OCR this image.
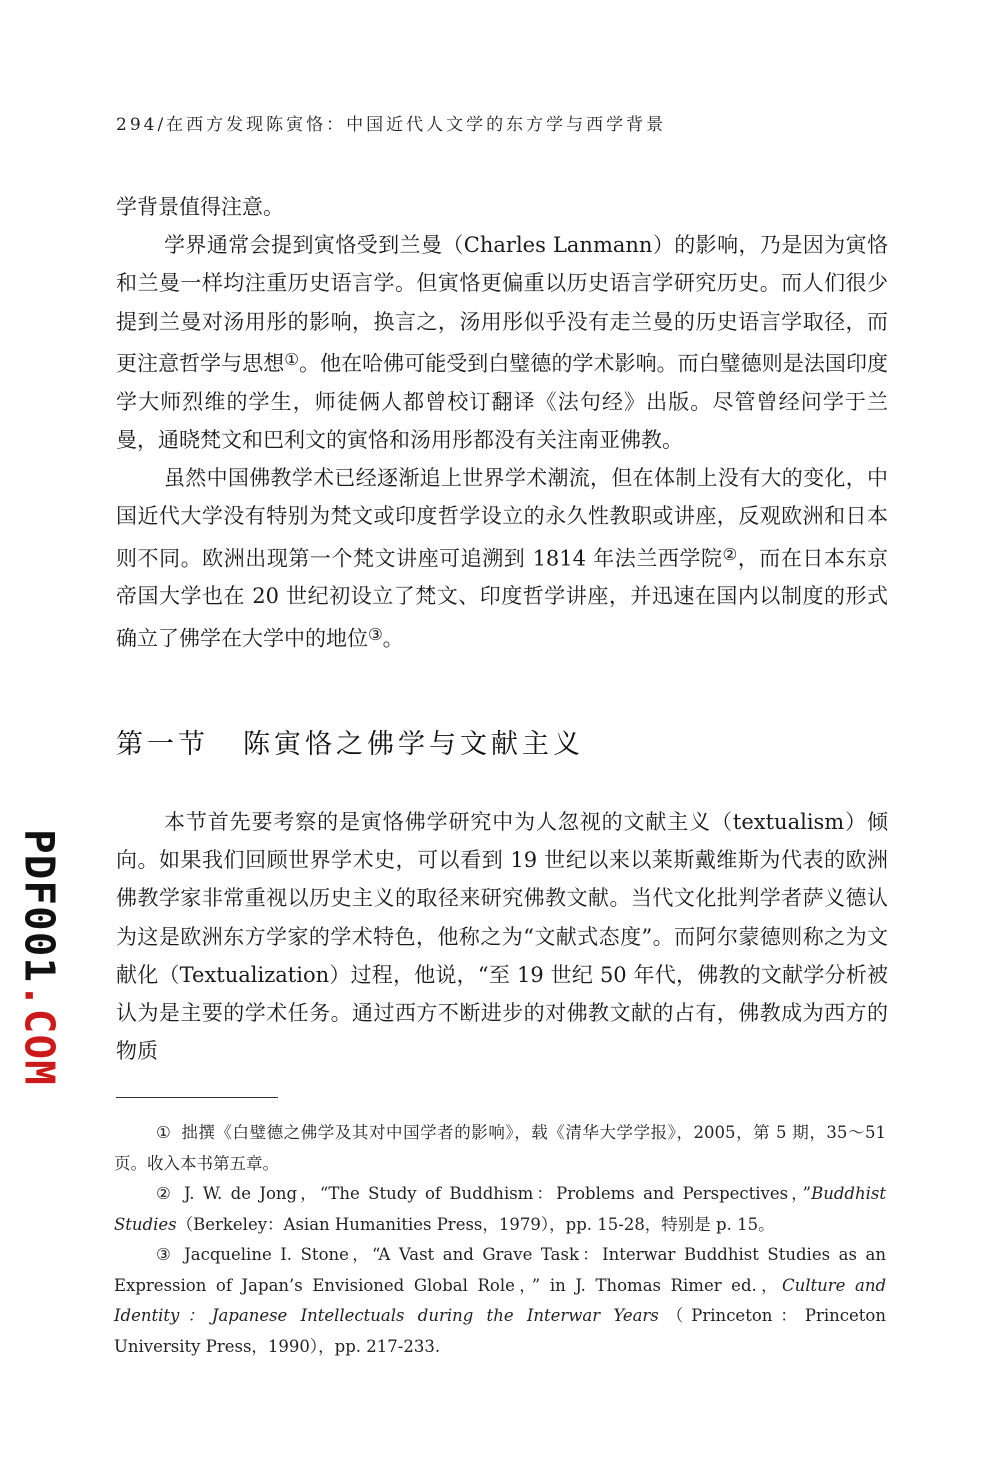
294/在西方发现陈寅恪：中国近代人文学的东方学与西学背景

学背景值得注意。

学界通常会提到寅恪受到兰曼（Charles Lanmann）的影响，乃是因为寅恪和兰曼一样均注重历史语言学。但寅恪更偏重以历史语言学研究历史。而人们很少提到兰曼对汤用彤的影响，换言之，汤用彤似乎没有走兰曼的历史语言学取径，而更注意哲学与思想①。他在哈佛可能受到白璧德的学术影响。而白璧德则是法国印度学大师烈维的学生，师徒俩人都曾校订翻译《法句经》出版。尽管曾经问学于兰曼，通晓梵文和巴利文的寅恪和汤用彤都没有关注南亚佛教。

虽然中国佛教学术已经逐渐追上世界学术潮流，但在体制上没有大的变化，中国近代大学没有特别为梵文或印度哲学设立的永久性教职或讲座，反观欧洲和日本则不同。欧洲出现第一个梵文讲座可追溯到 1814 年法兰西学院②，而在日本东京帝国大学也在 20 世纪初设立了梵文、印度哲学讲座，并迅速在国内以制度的形式确立了佛学在大学中的地位③。

第一节 陈寅恪之佛学与文献主义

本节首先要考察的是寅恪佛学研究中为人忽视的文献主义（textualism）倾向。如果我们回顾世界学术史，可以看到 19 世纪以来以莱斯戴维斯为代表的欧洲佛教学家非常重视以历史主义的取径来研究佛教文献。当代文化批判学者萨义德认为这是欧洲东方学家的学术特色，他称之为“文献式态度”。而阿尔蒙德则称之为文献化（Textualization）过程，他说，“至 19 世纪 50 年代，佛教的文献学分析被认为是主要的学术任务。通过西方不断进步的对佛教文献的占有，佛教成为西方的物质

PDF001.COM

① 拙撰《白璧德之佛学及其对中国学者的影响》，载《清华大学学报》，2005，第 5 期，35～51 页。收入本书第五章。

② J. W. de Jong，“The Study of Buddhism：Problems and Perspectives，”Buddhist Studies（Berkeley：Asian Humanities Press，1979），pp. 15-28，特别是 p. 15。

③ Jacqueline I. Stone，“A Vast and Grave Task：Interwar Buddhist Studies as an Expression of Japan’s Envisioned Global Role，” in J. Thomas Rimer ed.，Culture and Identity：Japanese Intellectuals during the Interwar Years（Princeton：Princeton University Press，1990），pp. 217-233.
